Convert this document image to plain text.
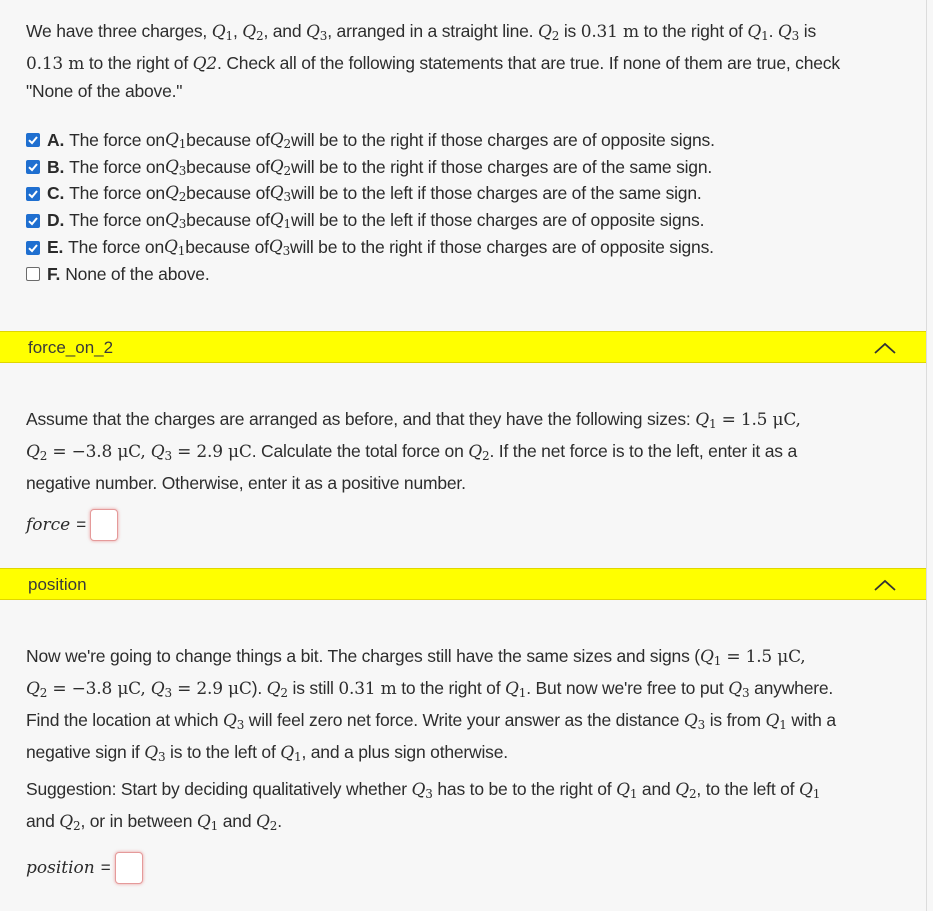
We have three charges, $Q_1$, $Q_2$, and $Q_3$, arranged in a straight line. $Q_2$ is 0.31 m to the right of $Q_1$. $Q_3$ is
0.13 m to the right of Q2. Check all of the following statements that are true. If none of them are true, check
"None of the above."
A. The force on $Q_1$ because of $Q_2$ will be to the right if those charges are of opposite signs.
B. The force on $Q_3$ because of $Q_2$ will be to the right if those charges are of the same sign.
C. The force on $Q_2$ because of $Q_3$ will be to the left if those charges are of the same sign.
D. The force on $Q_3$ because of $Q_1$ will be to the left if those charges are of opposite signs.
E. The force on $Q_1$ because of $Q_3$ will be to the right if those charges are of opposite signs.
F. None of the above.
force_on_2
Assume that the charges are arranged as before, and that they have the following sizes: $Q_1 = 1.5$ μC,
$Q_2 = -3.8$ μC, $Q_3 = 2.9$ μC. Calculate the total force on $Q_2$. If the net force is to the left, enter it as a
negative number. Otherwise, enter it as a positive number.
force =
position
Now we're going to change things a bit. The charges still have the same sizes and signs ($Q_1 = 1.5$ μC,
$Q_2 = -3.8$ μC, $Q_3 = 2.9$ μC). $Q_2$ is still 0.31 m to the right of $Q_1$. But now we're free to put $Q_3$ anywhere.
Find the location at which $Q_3$ will feel zero net force. Write your answer as the distance $Q_3$ is from $Q_1$ with a
negative sign if $Q_3$ is to the left of $Q_1$, and a plus sign otherwise.
Suggestion: Start by deciding qualitatively whether $Q_3$ has to be to the right of $Q_1$ and $Q_2$, to the left of $Q_1$
and $Q_2$, or in between $Q_1$ and $Q_2$.
position =
